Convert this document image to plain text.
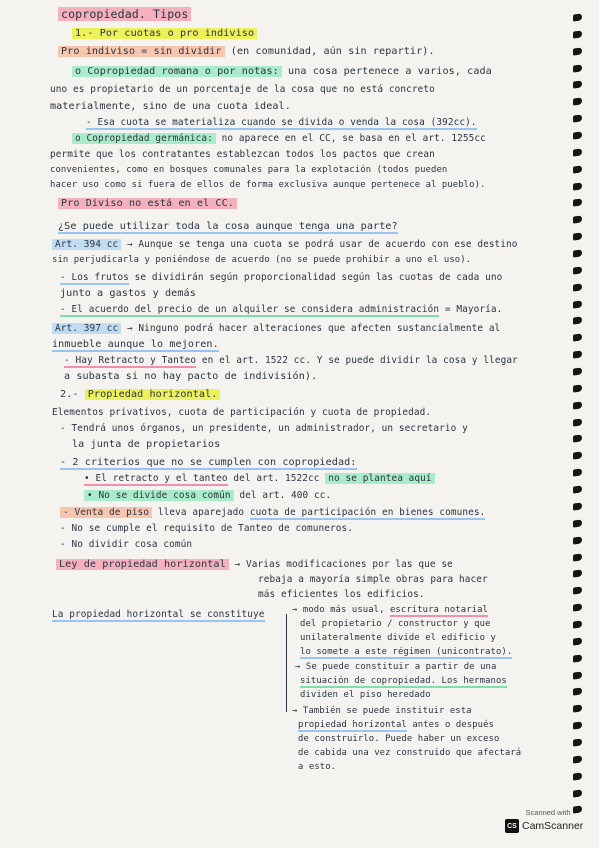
copropiedad. Tipos
1.- Por cuotas o pro indiviso
Pro indiviso = sin dividir (en comunidad, aún sin repartir).
o Copropiedad romana o por notas: una cosa pertenece a varios, cada
uno es propietario de un porcentaje de la cosa que no está concreto
materialmente, sino de una cuota ideal.
- Esa cuota se materializa cuando se divida o venda la cosa (392cc).
o Copropiedad germánica: no aparece en el CC, se basa en el art. 1255cc
permite que los contratantes establezcan todos los pactos que crean
convenientes, como en bosques comunales para la explotación (todos pueden
hacer uso como si fuera de ellos de forma exclusiva aunque pertenece al pueblo).
Pro Diviso no está en el CC.
¿Se puede utilizar toda la cosa aunque tenga una parte?
Art. 394 cc → Aunque se tenga una cuota se podrá usar de acuerdo con ese destino
sin perjudicarla y poniéndose de acuerdo (no se puede prohibir a uno el uso).
- Los frutos se dividirán según proporcionalidad según las cuotas de cada uno
junto a gastos y demás
- El acuerdo del precio de un alquiler se considera administración = Mayoría.
Art. 397 cc → Ninguno podrá hacer alteraciones que afecten sustancialmente al
inmueble aunque lo mejoren.
- Hay Retracto y Tanteo en el art. 1522 cc. Y se puede dividir la cosa y llegar
a subasta si no hay pacto de indivisión).
2.- Propiedad horizontal.
Elementos privativos, cuota de participación y cuota de propiedad.
- Tendrá unos órganos, un presidente, un administrador, un secretario y
la junta de propietarios
- 2 criterios que no se cumplen con copropiedad:
• El retracto y el tanteo del art. 1522cc no se plantea aquí
• No se divide cosa común del art. 400 cc.
- Venta de piso lleva aparejado cuota de participación en bienes comunes.
- No se cumple el requisito de Tanteo de comuneros.
- No dividir cosa común
Ley de propiedad horizontal → Varias modificaciones por las que se
rebaja a mayoría simple obras para hacer
más eficientes los edificios.
La propiedad horizontal se constituye	→ modo más usual, escritura notarial
del propietario / constructor y que
unilateralmente divide el edificio y
lo somete a este régimen (unicontrato).
→ Se puede constituir a partir de una
situación de copropiedad. Los hermanos
dividen el piso heredado
→ También se puede instituir esta
propiedad horizontal antes o después
de construirlo. Puede haber un exceso
de cabida una vez construido que afectará
a esto.
Scanned with
CS CamScanner
